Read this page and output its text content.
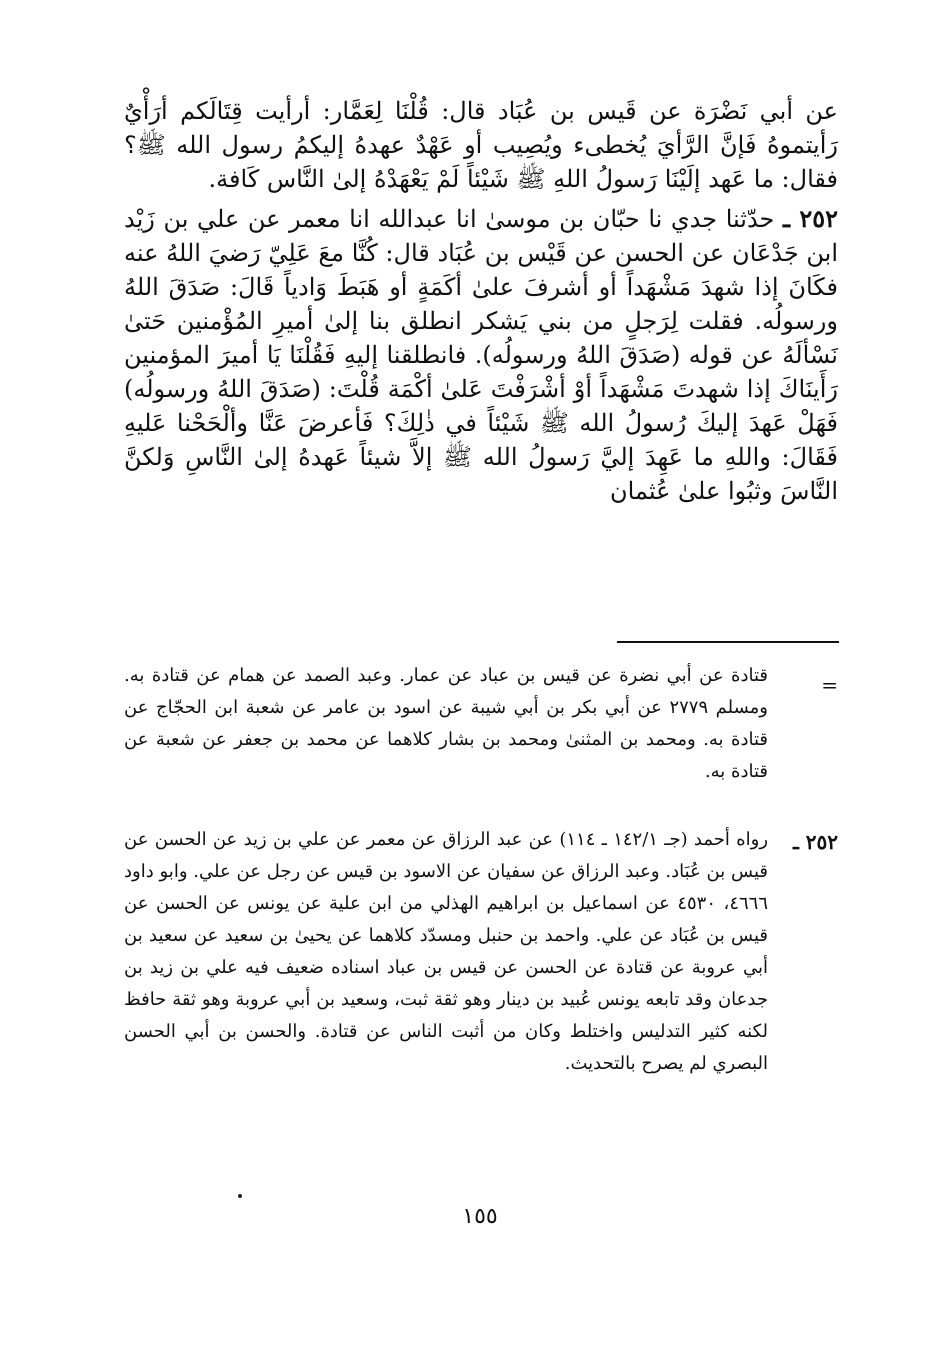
عن أبي نَضْرَة عن قَيس بن عُبَاد قال: قُلْنَا لِعَمَّار: أرأيت قِتَالَكم أرَأْيٌ رَأيتموهُ فَإنَّ الرَّأيَ يُخطىء ويُصِيب أو عَهْدٌ عهدهُ إليكمُ رسول الله ﷺ؟ فقال: ما عَهد إلَيْنَا رَسولُ اللهِ ﷺ شَيْئاً لَمْ يَعْهَدْهُ إلىٰ النَّاس كَافة.

٢٥٢ ـ حدّثنا جدي نا حبّان بن موسىٰ انا عبدالله انا معمر عن علي بن زَيْد ابن جَدْعَان عن الحسن عن قَيْس بن عُبَاد قال: كُنَّا معَ عَلِيّ رَضيَ اللهُ عنه فكَانَ إذا شهدَ مَشْهَداً أو أشرفَ علىٰ أكَمَةٍ أو هَبَطَ وَادياً قَالَ: صَدَقَ اللهُ ورسولُه. فقلت لِرَجلٍ من بني يَشكر انطلق بنا إلىٰ أميرِ المُؤْمنين حَتىٰ نَسْألَهُ عن قوله (صَدَقَ اللهُ ورسولُه). فانطلقنا إليهِ فَقُلْنَا يَا أميرَ المؤمنين رَأَينَاكَ إذا شهدتَ مَشْهَداً أوْ أشْرَفْتَ عَلىٰ أكْمَة قُلْتَ: (صَدَقَ اللهُ ورسولُه) فَهَلْ عَهدَ إليكَ رُسولُ الله ﷺ شَيْئاً في ذٰلِكَ؟ فَأعرضَ عَنَّا وألْحَحْنا عَليهِ فَقَالَ: واللهِ ما عَهِدَ إليَّ رَسولُ الله ﷺ إلاَّ شيئاً عَهدهُ إلىٰ النَّاسِ وَلكنَّ النَّاسَ وثبُوا علىٰ عُثمان

=
قتادة عن أبي نضرة عن قيس بن عباد عن عمار. وعبد الصمد عن همام عن قتادة به. ومسلم ٢٧٧٩ عن أبي بكر بن أبي شيبة عن اسود بن عامر عن شعبة ابن الحجّاج عن قتادة به. ومحمد بن المثنىٰ ومحمد بن بشار كلاهما عن محمد بن جعفر عن شعبة عن قتادة به.
٢٥٢ ـ
رواه أحمد (جـ ١٤٢/١ ـ ١١٤) عن عبد الرزاق عن معمر عن علي بن زيد عن الحسن عن قيس بن عُبَاد. وعبد الرزاق عن سفيان عن الاسود بن قيس عن رجل عن علي. وابو داود ٤٦٦٦، ٤٥٣٠ عن اسماعيل بن ابراهيم الهذلي من ابن علية عن يونس عن الحسن عن قيس بن عُبَاد عن علي. واحمد بن حنبل ومسدّد كلاهما عن يحيىٰ بن سعيد عن سعيد بن أبي عروبة عن قتادة عن الحسن عن قيس بن عباد اسناده ضعيف فيه علي بن زيد بن جدعان وقد تابعه يونس عُبيد بن دينار وهو ثقة ثبت، وسعيد بن أبي عروبة وهو ثقة حافظ لكنه كثير التدليس واختلط وكان من أثبت الناس عن قتادة. والحسن بن أبي الحسن البصري لم يصرح بالتحديث.
١٥٥
